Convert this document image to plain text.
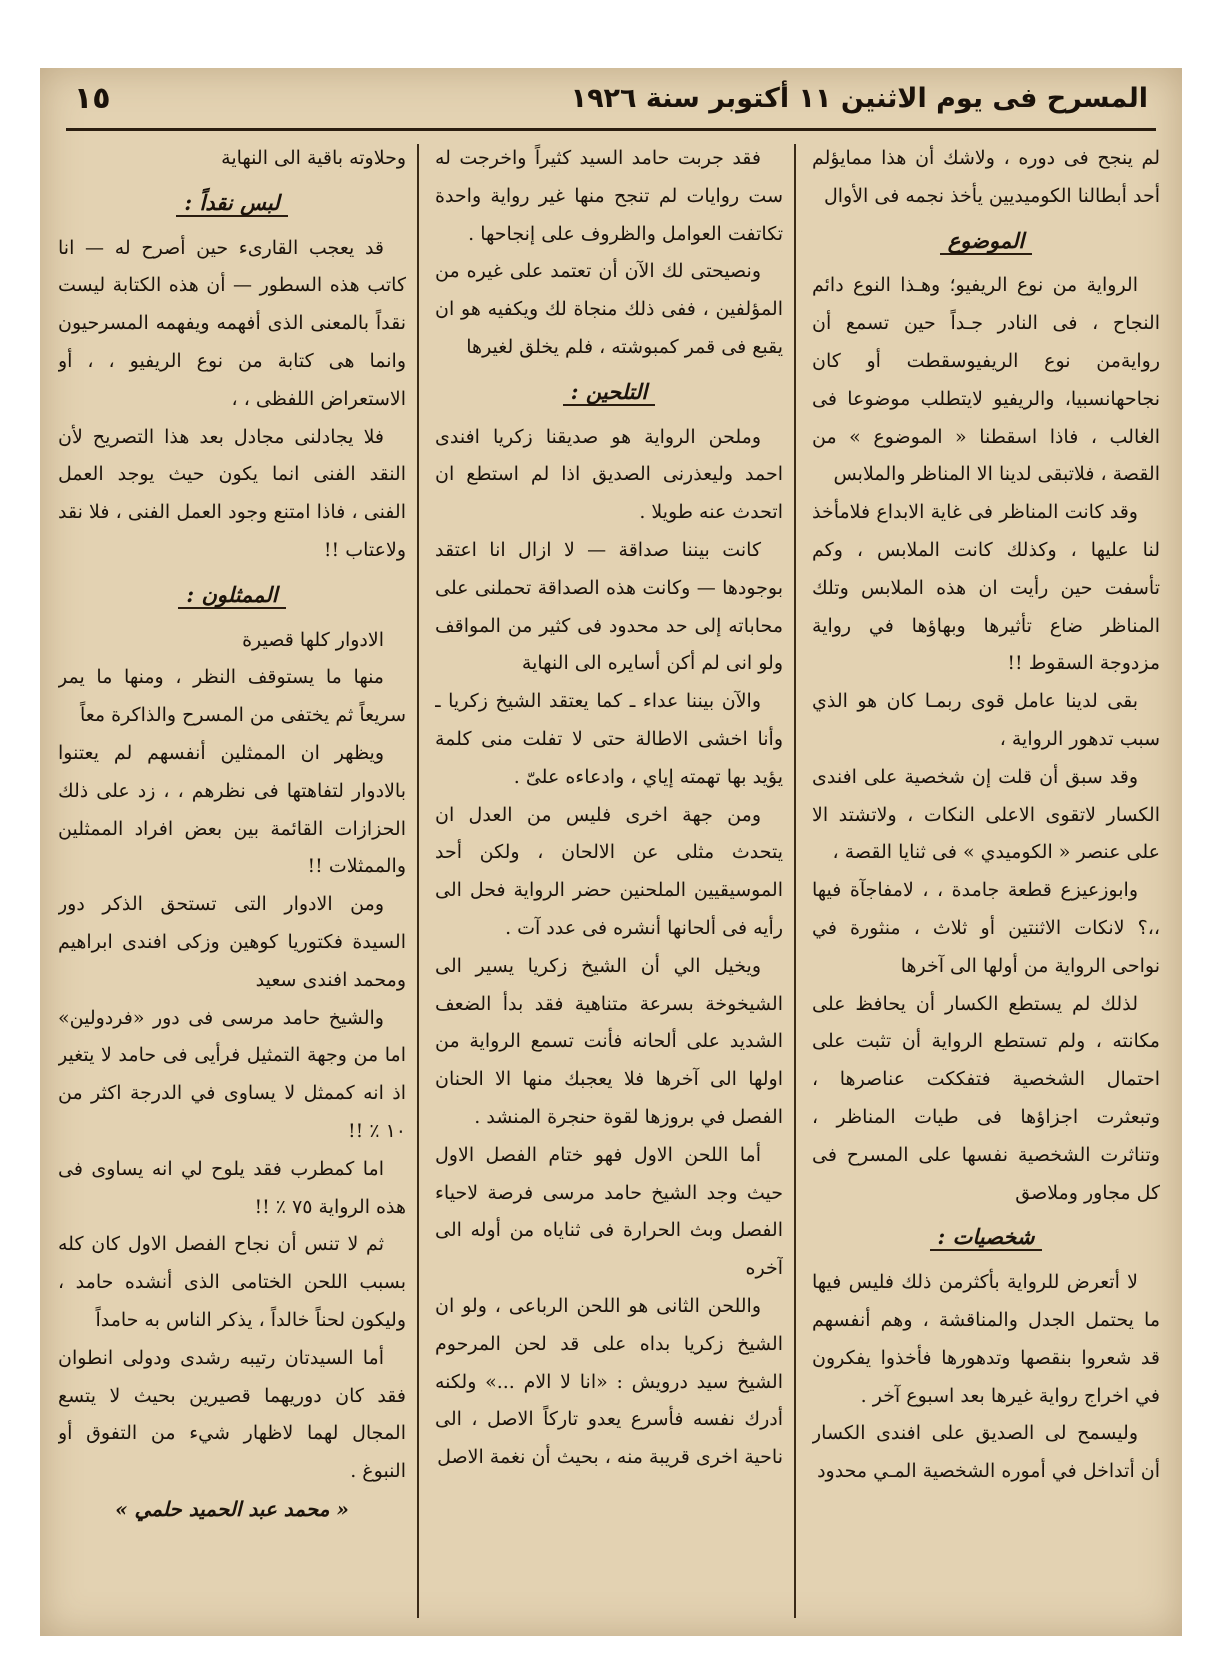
المسرح فى يوم الاثنين ١١ أكتوبر سنة ١٩٢٦
١٥

لم ينجح فى دوره ، ولاشك أن هذا ممايؤلم أحد أبطالنا الكوميديين يأخذ نجمه فى الأوال

الموضوع

الرواية من نوع الريفيو؛ وهـذا النوع دائم النجاح ، فى النادر جـداً حين تسمع أن روايةمن نوع الريفيوسقطت أو كان نجاحهانسبيا، والريفيو لايتطلب موضوعا فى الغالب ، فاذا اسقطنا « الموضوع » من القصة ، فلاتبقى لدينا الا المناظر والملابس

وقد كانت المناظر فى غاية الابداع فلامأخذ لنا عليها ، وكذلك كانت الملابس ، وكم تأسفت حين رأيت ان هذه الملابس وتلك المناظر ضاع تأثيرها وبهاؤها في رواية مزدوجة السقوط !!

بقى لدينا عامل قوى ربمـا كان هو الذي سبب تدهور الرواية ،

وقد سبق أن قلت إن شخصية على افندى الكسار لاتقوى الاعلى النكات ، ولاتشتد الا على عنصر « الكوميدي » فى ثنايا القصة ،

وابوزعيزع قطعة جامدة ، ، لامفاجآة فيها ،،؟ لانكات الاثنتين أو ثلاث ، منثورة في نواحى الرواية من أولها الى آخرها

لذلك لم يستطع الكسار أن يحافظ على مكانته ، ولم تستطع الرواية أن تثبت على احتمال الشخصية فتفككت عناصرها ، وتبعثرت اجزاؤها فى طيات المناظر ، وتناثرت الشخصية نفسها على المسرح فى كل مجاور وملاصق

شخصيات :

لا أتعرض للرواية بأكثرمن ذلك فليس فيها ما يحتمل الجدل والمناقشة ، وهم أنفسهم قد شعروا بنقصها وتدهورها فأخذوا يفكرون في اخراج رواية غيرها بعد اسبوع آخر .

وليسمح لى الصديق على افندى الكسار أن أتداخل في أموره الشخصية المـي محدود

فقد جربت حامد السيد كثيراً واخرجت له ست روايات لم تنجح منها غير رواية واحدة تكاتفت العوامل والظروف على إنجاحها .

ونصيحتى لك الآن أن تعتمد على غيره من المؤلفين ، ففى ذلك منجاة لك ويكفيه هو ان يقبع فى قمر كمبوشته ، فلم يخلق لغيرها

التلحين :

وملحن الرواية هو صديقنا زكريا افندى احمد وليعذرنى الصديق اذا لم استطع ان اتحدث عنه طويلا .

كانت بيننا صداقة — لا ازال انا اعتقد بوجودها — وكانت هذه الصداقة تحملنى على محاباته إلى حد محدود فى كثير من المواقف ولو انى لم أكن أسايره الى النهاية

والآن بيننا عداء ـ كما يعتقد الشيخ زكريا ـ وأنا اخشى الاطالة حتى لا تفلت منى كلمة يؤيد بها تهمته إياي ، وادعاءه علىّ .

ومن جهة اخرى فليس من العدل ان يتحدث مثلى عن الالحان ، ولكن أحد الموسيقيين الملحنين حضر الرواية فحل الى رأيه فى ألحانها أنشره فى عدد آت .

ويخيل الي أن الشيخ زكريا يسير الى الشيخوخة بسرعة متناهية فقد بدأ الضعف الشديد على ألحانه فأنت تسمع الرواية من اولها الى آخرها فلا يعجبك منها الا الحنان الفصل في بروزها لقوة حنجرة المنشد .

أما اللحن الاول فهو ختام الفصل الاول حيث وجد الشيخ حامد مرسى فرصة لاحياء الفصل وبث الحرارة فى ثناياه من أوله الى آخره

واللحن الثانى هو اللحن الرباعى ، ولو ان الشيخ زكريا بداه على قد لحن المرحوم الشيخ سيد درويش : «انا لا الام ...» ولكنه أدرك نفسه فأسرع يعدو تاركاً الاصل ، الى ناحية اخرى قريبة منه ، بحيث أن نغمة الاصل

وحلاوته باقية الى النهاية

لبس نقداً :

قد يعجب القارىء حين أصرح له — انا كاتب هذه السطور — أن هذه الكتابة ليست نقداً بالمعنى الذى أفهمه ويفهمه المسرحيون وانما هى كتابة من نوع الريفيو ، ، أو الاستعراض اللفظى ، ،

فلا يجادلنى مجادل بعد هذا التصريح لأن النقد الفنى انما يكون حيث يوجد العمل الفنى ، فاذا امتنع وجود العمل الفنى ، فلا نقد ولاعتاب !!

الممثلون :

الادوار كلها قصيرة

منها ما يستوقف النظر ، ومنها ما يمر سريعاً ثم يختفى من المسرح والذاكرة معاً

ويظهر ان الممثلين أنفسهم لم يعتنوا بالادوار لتفاهتها فى نظرهم ، ، زد على ذلك الحزازات القائمة بين بعض افراد الممثلين والممثلات !!

ومن الادوار التى تستحق الذكر دور السيدة فكتوريا كوهين وزكى افندى ابراهيم ومحمد افندى سعيد

والشيخ حامد مرسى فى دور «فردولين» اما من وجهة التمثيل فرأيى فى حامد لا يتغير اذ انه كممثل لا يساوى في الدرجة اكثر من ١٠ ٪ !!

اما كمطرب فقد يلوح لي انه يساوى فى هذه الرواية ٧٥ ٪ !!

ثم لا تنس أن نجاح الفصل الاول كان كله بسبب اللحن الختامى الذى أنشده حامد ، وليكون لحناً خالداً ، يذكر الناس به حامداً

أما السيدتان رتيبه رشدى ودولى انطوان فقد كان دوريهما قصيرين بحيث لا يتسع المجال لهما لاظهار شيء من التفوق أو النبوغ .

« محمد عبد الحميد حلمي »
